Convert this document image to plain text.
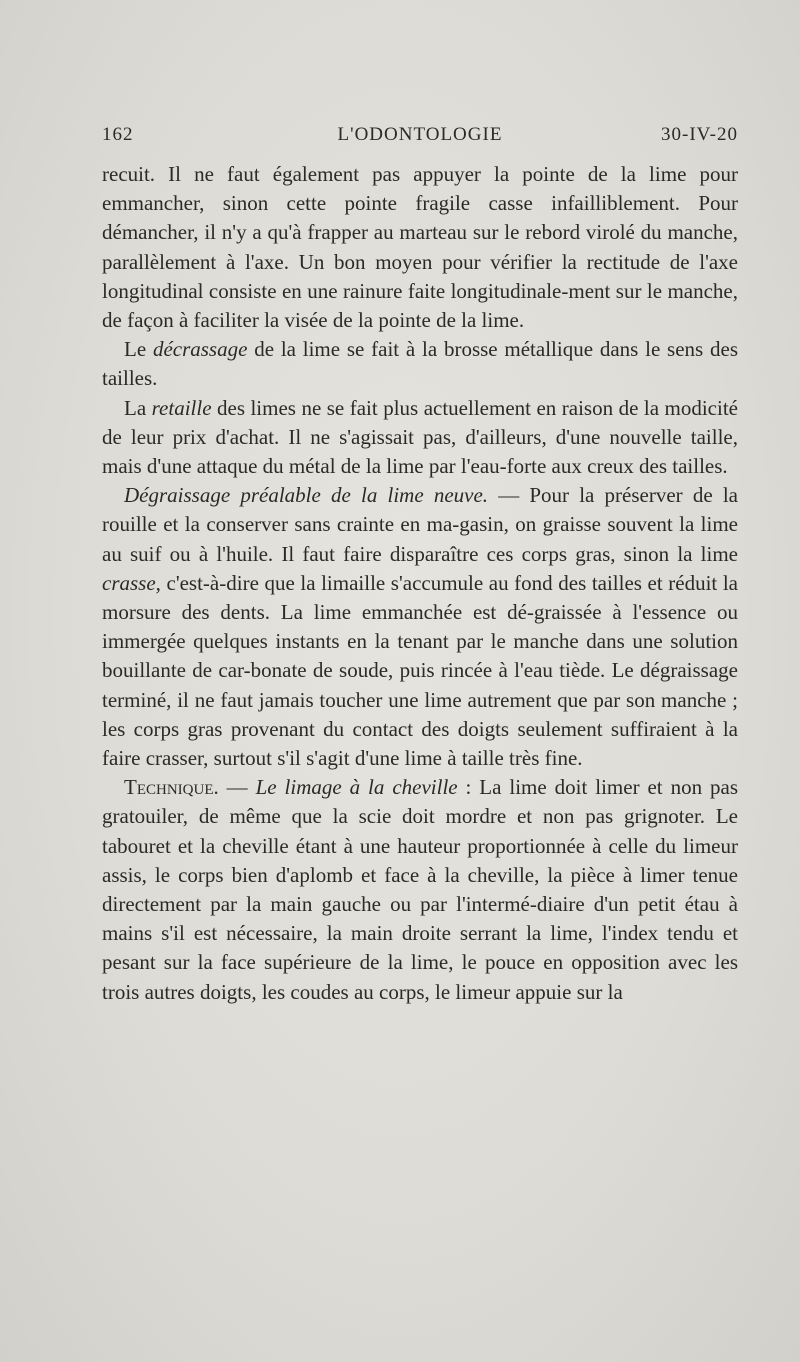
162	L'ODONTOLOGIE	30-IV-20

recuit. Il ne faut également pas appuyer la pointe de la lime pour emmancher, sinon cette pointe fragile casse infailliblement. Pour démancher, il n'y a qu'à frapper au marteau sur le rebord virolé du manche, parallèlement à l'axe. Un bon moyen pour vérifier la rectitude de l'axe longitudinal consiste en une rainure faite longitudinale-ment sur le manche, de façon à faciliter la visée de la pointe de la lime.

Le décrassage de la lime se fait à la brosse métallique dans le sens des tailles.

La retaille des limes ne se fait plus actuellement en raison de la modicité de leur prix d'achat. Il ne s'agissait pas, d'ailleurs, d'une nouvelle taille, mais d'une attaque du métal de la lime par l'eau-forte aux creux des tailles.

Dégraissage préalable de la lime neuve. — Pour la préserver de la rouille et la conserver sans crainte en ma-gasin, on graisse souvent la lime au suif ou à l'huile. Il faut faire disparaître ces corps gras, sinon la lime crasse, c'est-à-dire que la limaille s'accumule au fond des tailles et réduit la morsure des dents. La lime emmanchée est dé-graissée à l'essence ou immergée quelques instants en la tenant par le manche dans une solution bouillante de car-bonate de soude, puis rincée à l'eau tiède. Le dégraissage terminé, il ne faut jamais toucher une lime autrement que par son manche ; les corps gras provenant du contact des doigts seulement suffiraient à la faire crasser, surtout s'il s'agit d'une lime à taille très fine.

Technique. — Le limage à la cheville : La lime doit limer et non pas gratouiler, de même que la scie doit mordre et non pas grignoter. Le tabouret et la cheville étant à une hauteur proportionnée à celle du limeur assis, le corps bien d'aplomb et face à la cheville, la pièce à limer tenue directement par la main gauche ou par l'intermé-diaire d'un petit étau à mains s'il est nécessaire, la main droite serrant la lime, l'index tendu et pesant sur la face supérieure de la lime, le pouce en opposition avec les trois autres doigts, les coudes au corps, le limeur appuie sur la
